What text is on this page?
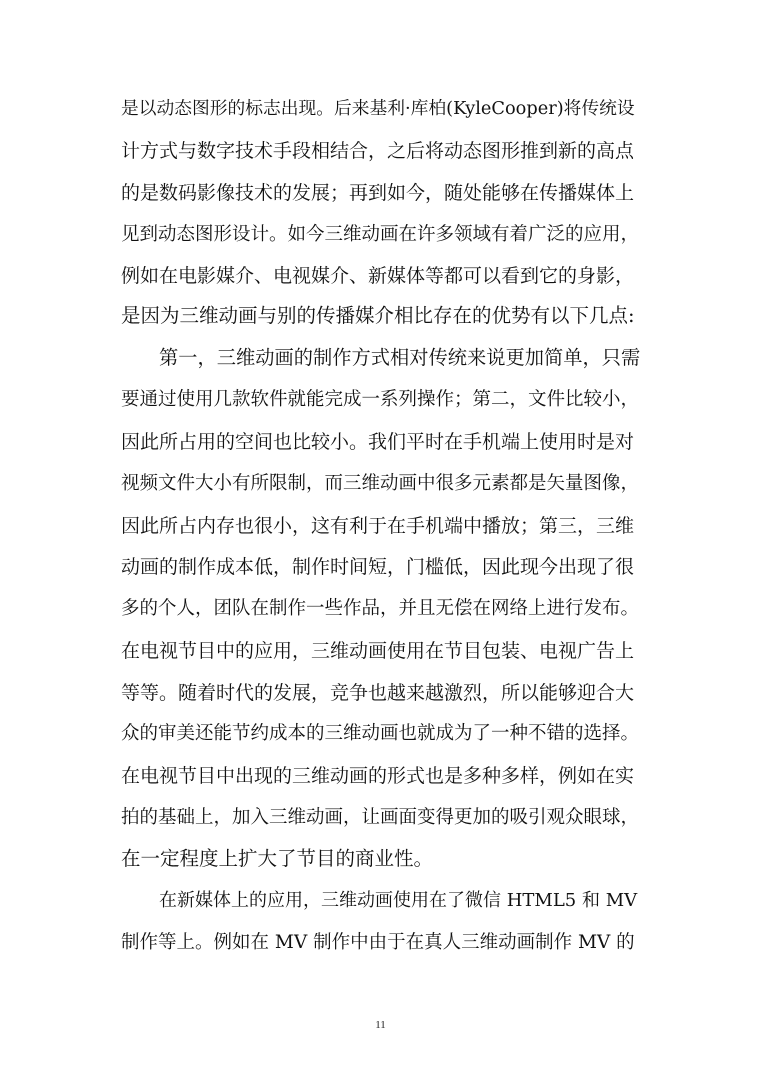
是以动态图形的标志出现。后来基利·库柏(KyleCooper)将传统设
计方式与数字技术手段相结合，之后将动态图形推到新的高点
的是数码影像技术的发展；再到如今，随处能够在传播媒体上
见到动态图形设计。如今三维动画在许多领域有着广泛的应用，
例如在电影媒介、电视媒介、新媒体等都可以看到它的身影，
是因为三维动画与别的传播媒介相比存在的优势有以下几点:
第一，三维动画的制作方式相对传统来说更加简单，只需
要通过使用几款软件就能完成一系列操作；第二，文件比较小，
因此所占用的空间也比较小。我们平时在手机端上使用时是对
视频文件大小有所限制，而三维动画中很多元素都是矢量图像，
因此所占内存也很小，这有利于在手机端中播放；第三，三维
动画的制作成本低，制作时间短，门槛低，因此现今出现了很
多的个人，团队在制作一些作品，并且无偿在网络上进行发布。
在电视节目中的应用，三维动画使用在节目包装、电视广告上
等等。随着时代的发展，竞争也越来越激烈，所以能够迎合大
众的审美还能节约成本的三维动画也就成为了一种不错的选择。
在电视节目中出现的三维动画的形式也是多种多样，例如在实
拍的基础上，加入三维动画，让画面变得更加的吸引观众眼球，
在一定程度上扩大了节目的商业性。
在新媒体上的应用，三维动画使用在了微信 HTML5 和 MV
制作等上。例如在 MV 制作中由于在真人三维动画制作 MV 的
11
